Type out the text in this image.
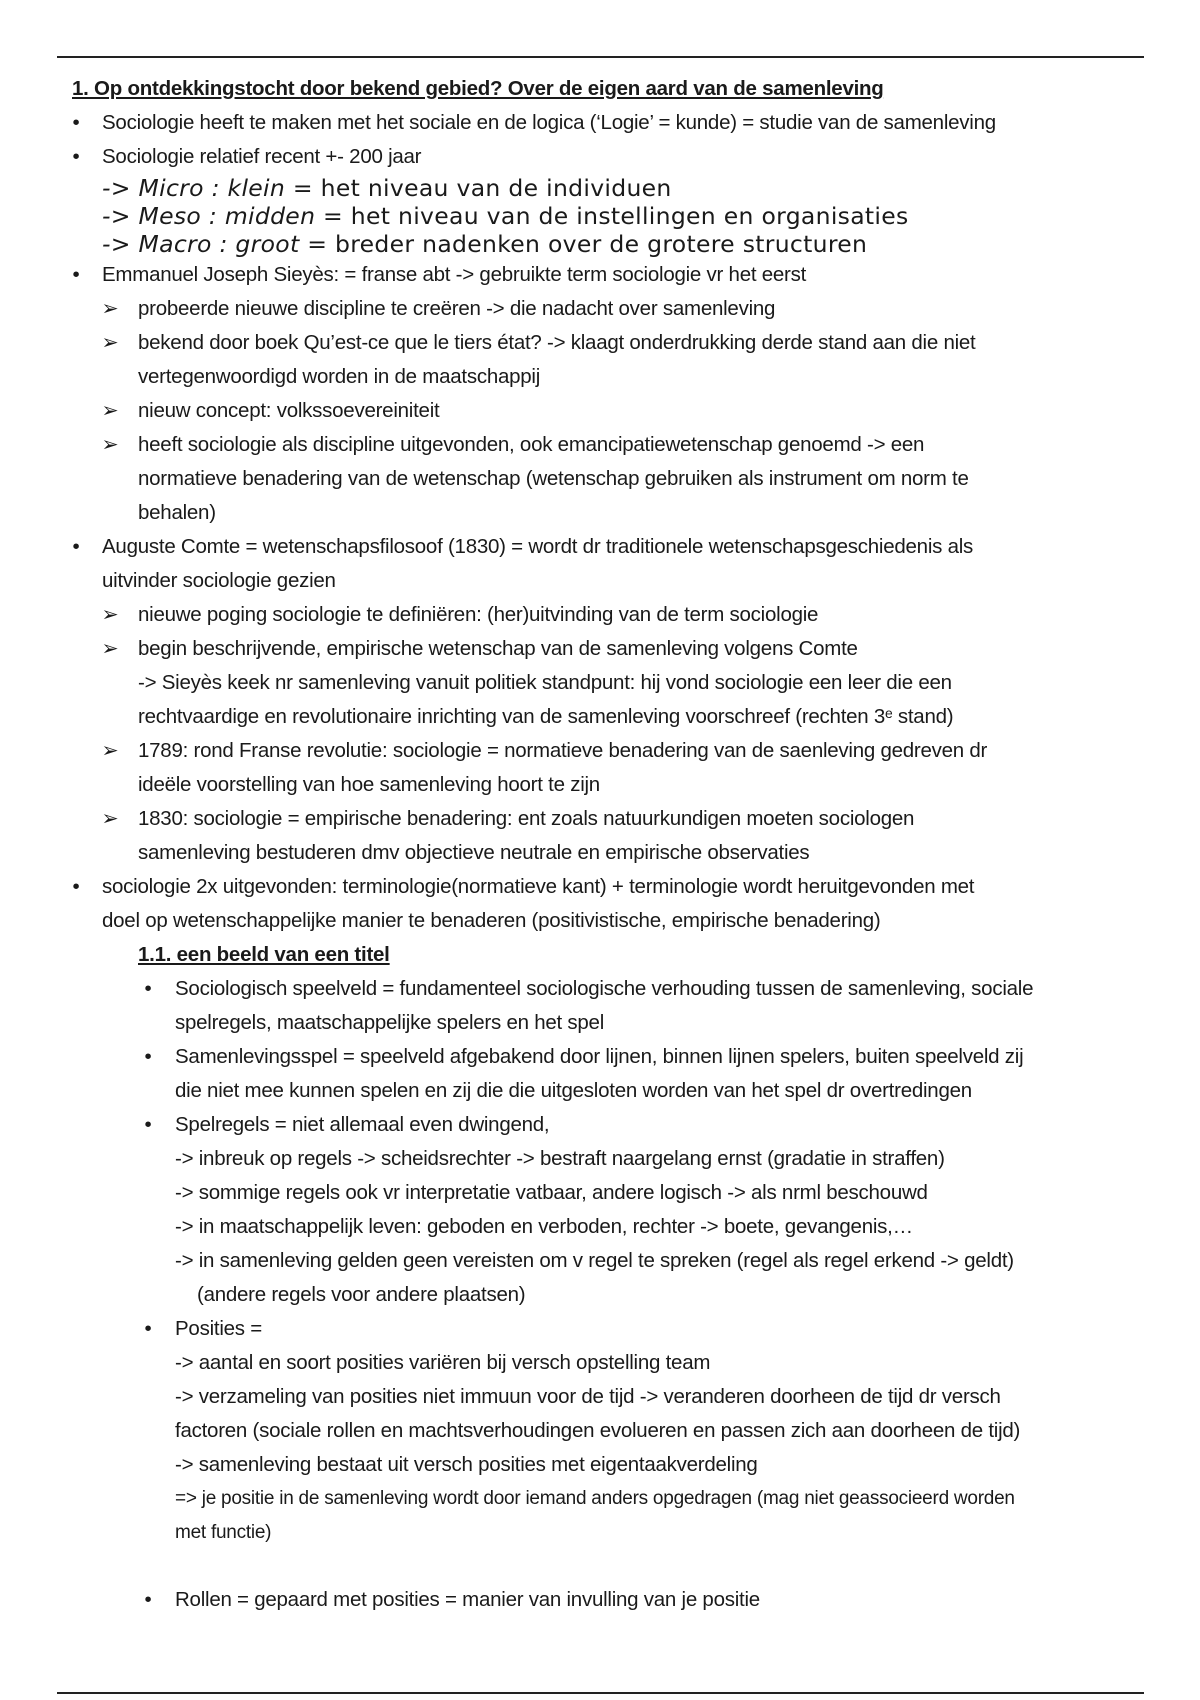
1. Op ontdekkingstocht door bekend gebied? Over de eigen aard van de samenleving
•	Sociologie heeft te maken met het sociale en de logica (‘Logie’ = kunde) = studie van de samenleving
•	Sociologie relatief recent +- 200 jaar
-> Micro : klein = het niveau van de individuen
-> Meso : midden = het niveau van de instellingen en organisaties
-> Macro : groot = breder nadenken over de grotere structuren
•	Emmanuel Joseph Sieyès: = franse abt -> gebruikte term sociologie vr het eerst
➢ probeerde nieuwe discipline te creëren -> die nadacht over samenleving
➢ bekend door boek Qu’est-ce que le tiers état? -> klaagt onderdrukking derde stand aan die niet
vertegenwoordigd worden in de maatschappij
➢ nieuw concept: volkssoevereiniteit
➢ heeft sociologie als discipline uitgevonden, ook emancipatiewetenschap genoemd -> een
normatieve benadering van de wetenschap (wetenschap gebruiken als instrument om norm te
behalen)
•	Auguste Comte = wetenschapsfilosoof (1830) = wordt dr traditionele wetenschapsgeschiedenis als
uitvinder sociologie gezien
➢ nieuwe poging sociologie te definiëren: (her)uitvinding van de term sociologie
➢ begin beschrijvende, empirische wetenschap van de samenleving volgens Comte
-> Sieyès keek nr samenleving vanuit politiek standpunt: hij vond sociologie een leer die een
rechtvaardige en revolutionaire inrichting van de samenleving voorschreef (rechten 3ᵉ stand)
➢ 1789: rond Franse revolutie: sociologie = normatieve benadering van de saenleving gedreven dr
ideële voorstelling van hoe samenleving hoort te zijn
➢ 1830: sociologie = empirische benadering: ent zoals natuurkundigen moeten sociologen
samenleving bestuderen dmv objectieve neutrale en empirische observaties
•	sociologie 2x uitgevonden: terminologie(normatieve kant) + terminologie wordt heruitgevonden met
doel op wetenschappelijke manier te benaderen (positivistische, empirische benadering)
1.1. een beeld van een titel
•	Sociologisch speelveld = fundamenteel sociologische verhouding tussen de samenleving, sociale
spelregels, maatschappelijke spelers en het spel
•	Samenlevingsspel = speelveld afgebakend door lijnen, binnen lijnen spelers, buiten speelveld zij
die niet mee kunnen spelen en zij die die uitgesloten worden van het spel dr overtredingen
•	Spelregels = niet allemaal even dwingend,
-> inbreuk op regels -> scheidsrechter -> bestraft naargelang ernst (gradatie in straffen)
-> sommige regels ook vr interpretatie vatbaar, andere logisch -> als nrml beschouwd
-> in maatschappelijk leven: geboden en verboden, rechter -> boete, gevangenis,…
-> in samenleving gelden geen vereisten om v regel te spreken (regel als regel erkend -> geldt)
(andere regels voor andere plaatsen)
•	Posities =
-> aantal en soort posities variëren bij versch opstelling team
-> verzameling van posities niet immuun voor de tijd -> veranderen doorheen de tijd dr versch
factoren (sociale rollen en machtsverhoudingen evolueren en passen zich aan doorheen de tijd)
-> samenleving bestaat uit versch posities met eigentaakverdeling
=> je positie in de samenleving wordt door iemand anders opgedragen (mag niet geassocieerd worden
met functie)
•	Rollen = gepaard met posities = manier van invulling van je positie
